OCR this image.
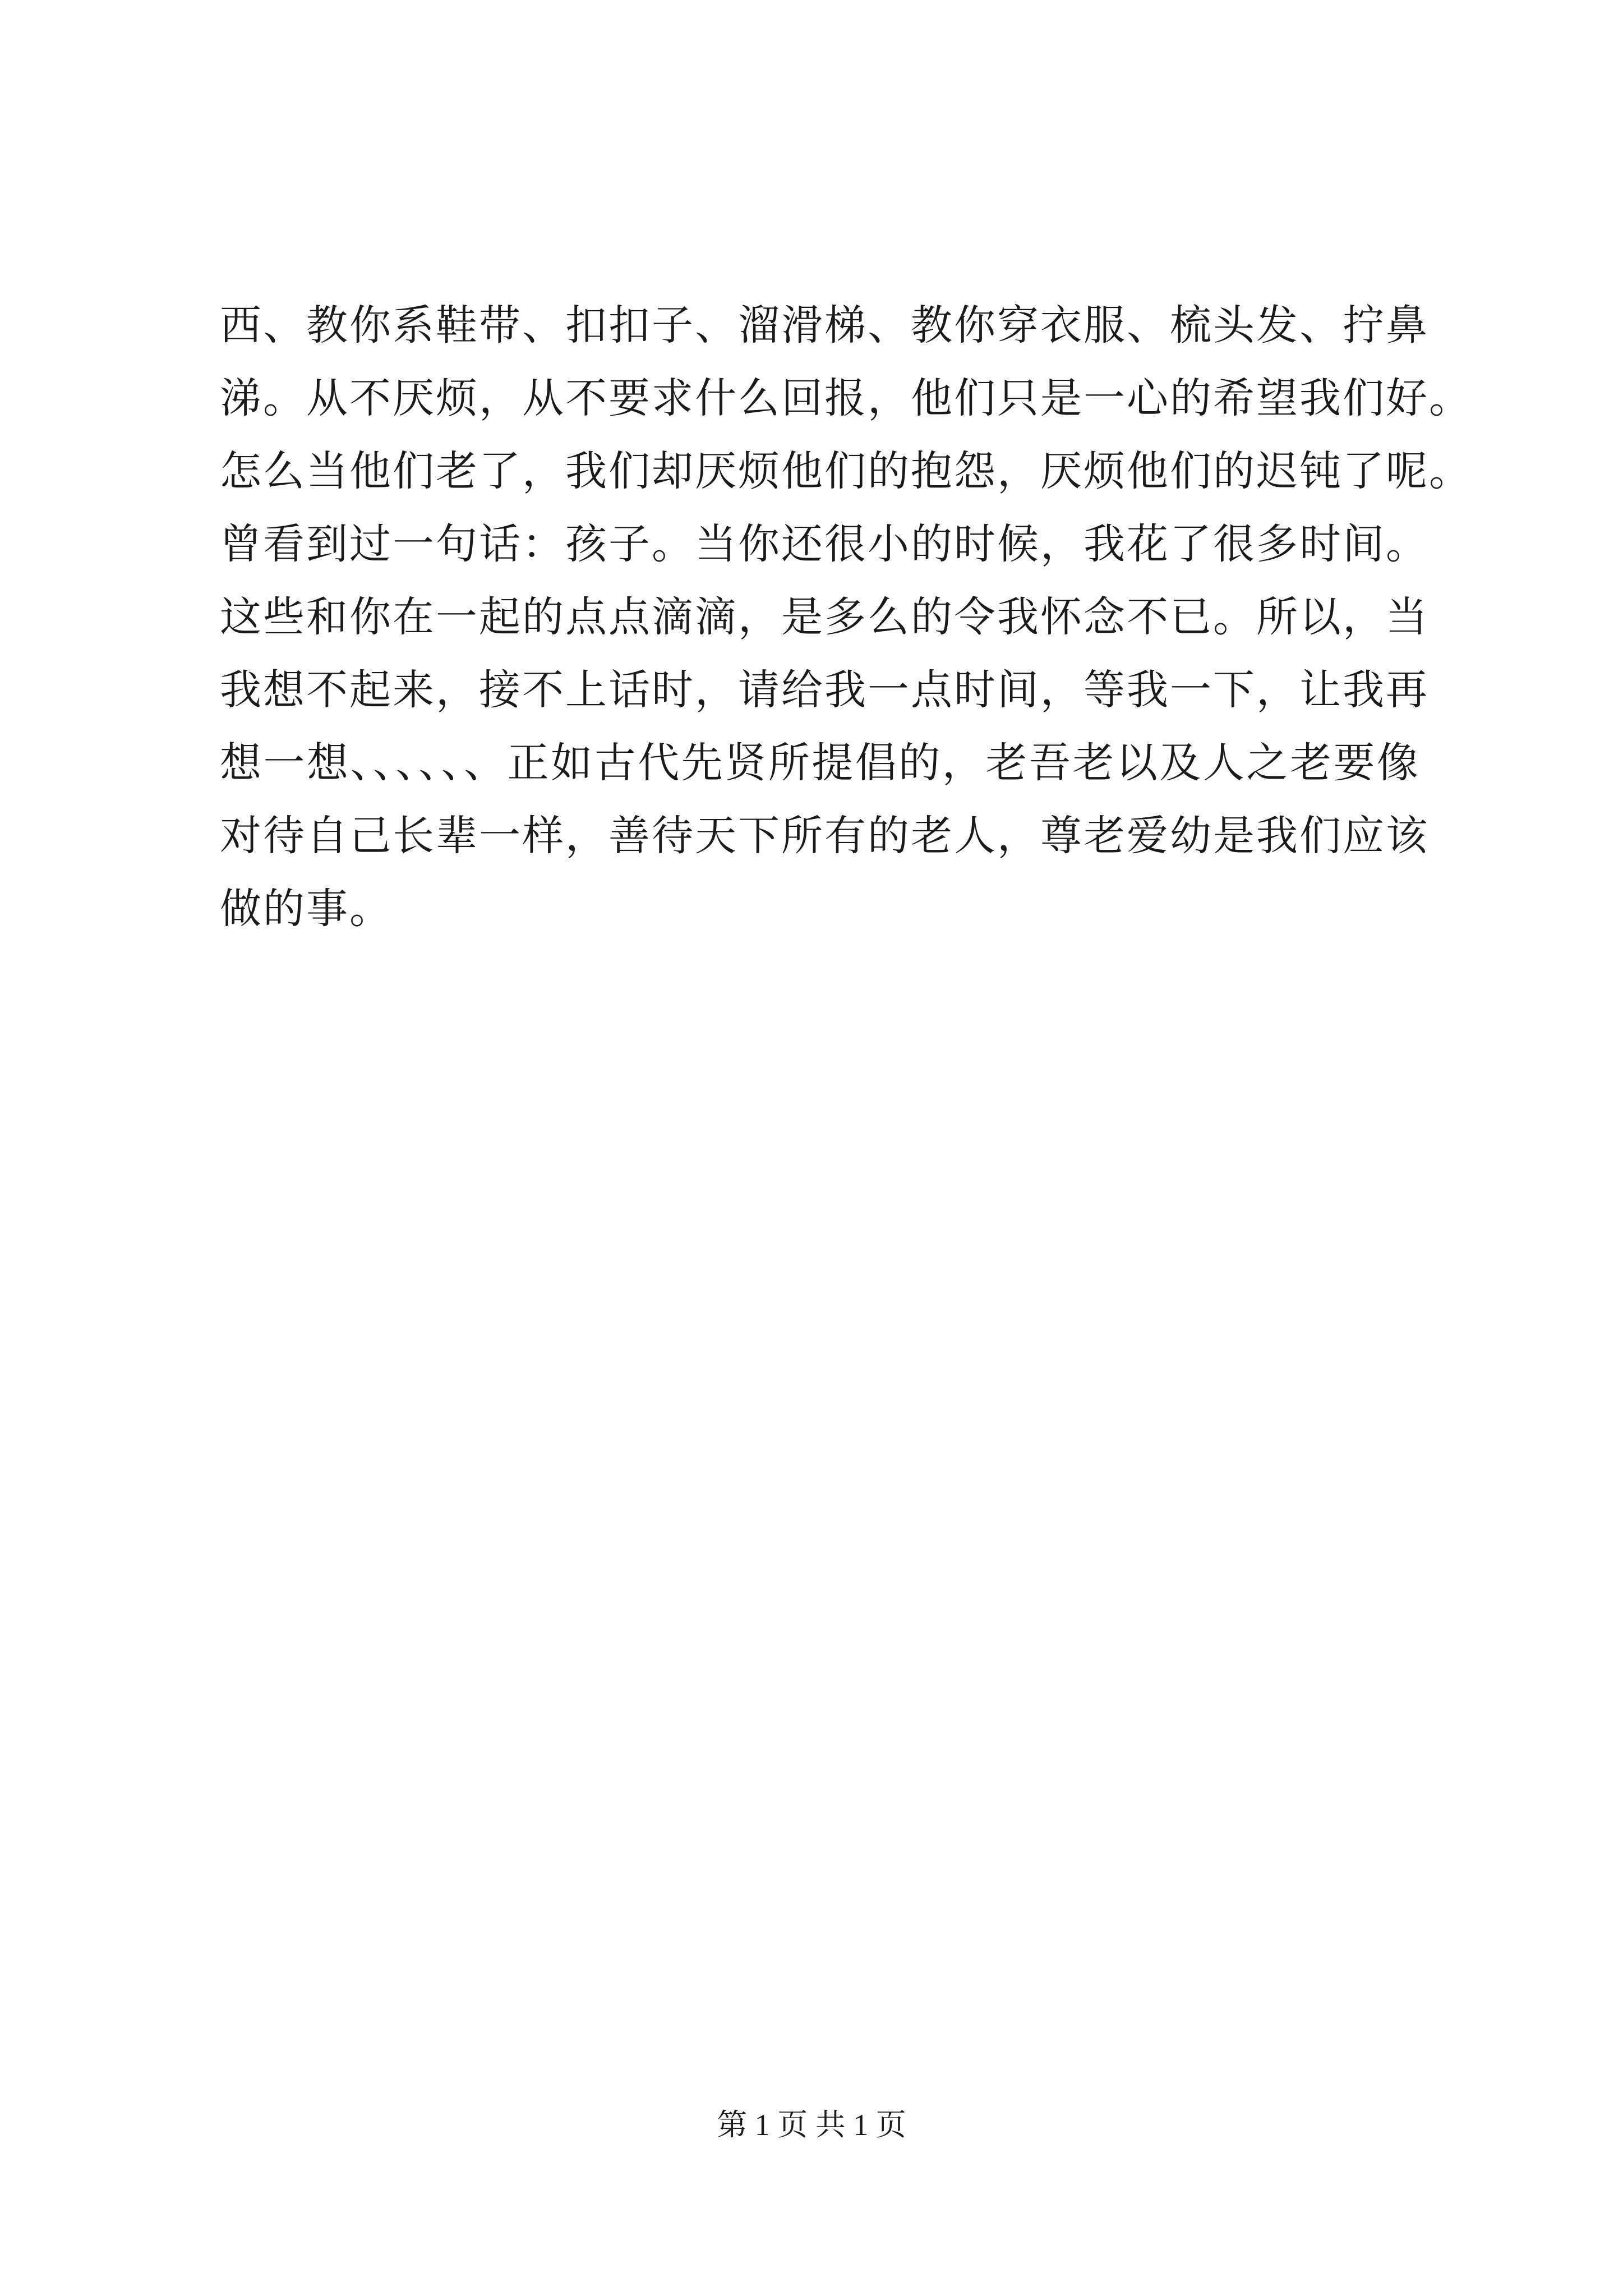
西、教你系鞋带、扣扣子、溜滑梯、教你穿衣服、梳头发、拧鼻
涕。从不厌烦，从不要求什么回报，他们只是一心的希望我们好。
怎么当他们老了，我们却厌烦他们的抱怨，厌烦他们的迟钝了呢。
曾看到过一句话：孩子。当你还很小的时候，我花了很多时间。
这些和你在一起的点点滴滴，是多么的令我怀念不已。所以，当
我想不起来，接不上话时，请给我一点时间，等我一下，让我再
想一想、、、、、、正如古代先贤所提倡的，老吾老以及人之老要像
对待自己长辈一样，善待天下所有的老人，尊老爱幼是我们应该
做的事。
第 1 页 共 1 页
